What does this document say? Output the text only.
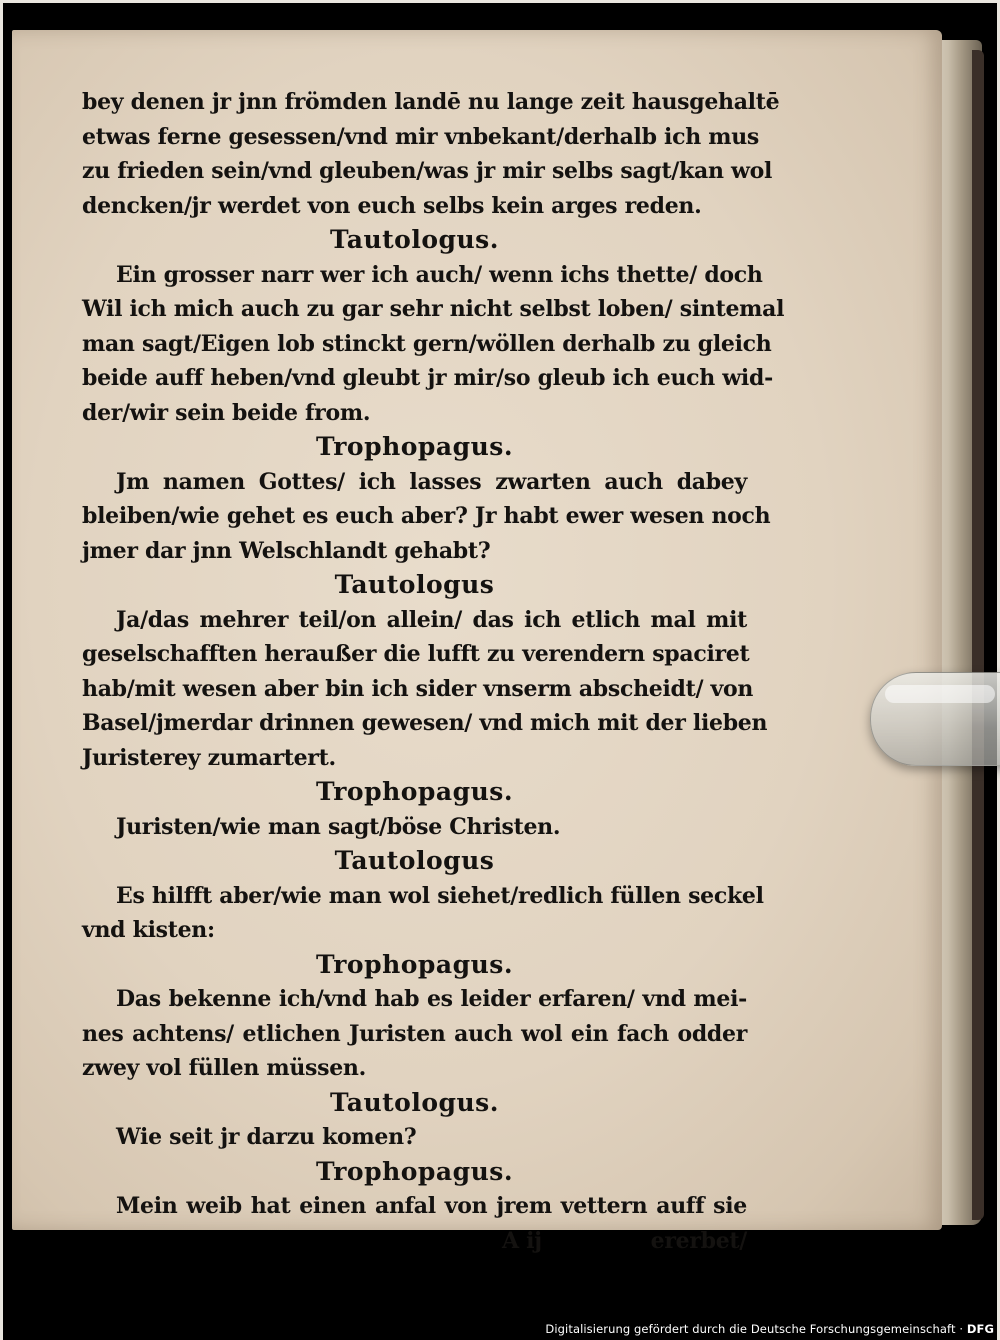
bey denen jr jnn frömden landē nu lange zeit hausgehaltē
etwas ferne gesessen/vnd mir vnbekant/derhalb ich mus
zu frieden sein/vnd gleuben/was jr mir selbs sagt/kan wol
dencken/jr werdet von euch selbs kein arges reden.
Tautologus.
Ein grosser narr wer ich auch/ wenn ichs thette/ doch
Wil ich mich auch zu gar sehr nicht selbst loben/ sintemal
man sagt/Eigen lob stinckt gern/wöllen derhalb zu gleich
beide auff heben/vnd gleubt jr mir/so gleub ich euch wid-
der/wir sein beide from.
Trophopagus.
Jm namen Gottes/ ich lasses zwarten auch dabey
bleiben/wie gehet es euch aber? Jr habt ewer wesen noch
jmer dar jnn Welschlandt gehabt?
Tautologus
Ja/das mehrer teil/on allein/ das ich etlich mal mit
geselschafften heraußer die lufft zu verendern spaciret
hab/mit wesen aber bin ich sider vnserm abscheidt/ von
Basel/jmerdar drinnen gewesen/ vnd mich mit der lieben
Juristerey zumartert.
Trophopagus.
Juristen/wie man sagt/böse Christen.
Tautologus
Es hilfft aber/wie man wol siehet/redlich füllen seckel
vnd kisten:
Trophopagus.
Das bekenne ich/vnd hab es leider erfaren/ vnd mei-
nes achtens/ etlichen Juristen auch wol ein fach odder
zwey vol füllen müssen.
Tautologus.
Wie seit jr darzu komen?
Trophopagus.
Mein weib hat einen anfal von jrem vettern auff sie
A ij	ererbet/
Digitalisierung gefördert durch die Deutsche Forschungsgemeinschaft · DFG
